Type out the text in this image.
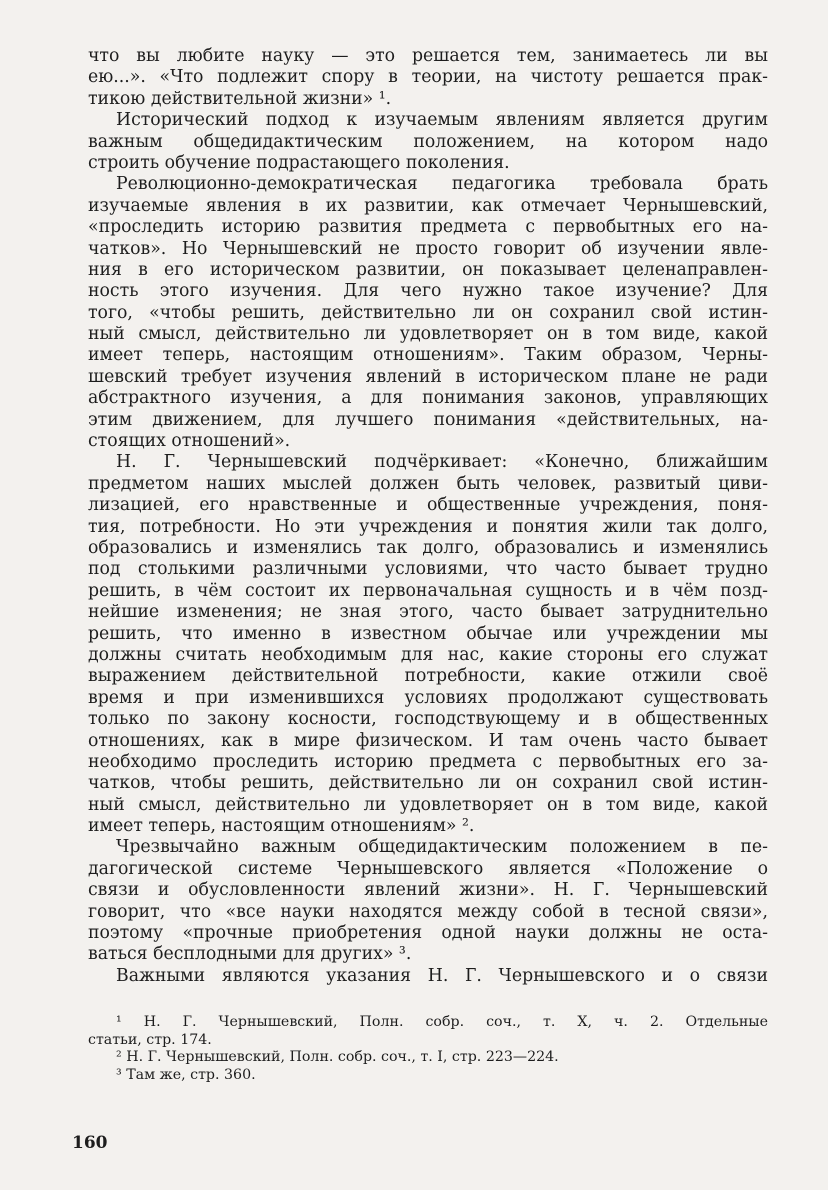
что вы любите науку — это решается тем, занимаетесь ли вы
ею...». «Что подлежит спору в теории, на чистоту решается прак-
тикою действительной жизни» ¹.
Исторический подход к изучаемым явлениям является другим
важным общедидактическим положением, на котором надо
строить обучение подрастающего поколения.
Революционно-демократическая педагогика требовала брать
изучаемые явления в их развитии, как отмечает Чернышевский,
«проследить историю развития предмета с первобытных его на-
чатков». Но Чернышевский не просто говорит об изучении явле-
ния в его историческом развитии, он показывает целенаправлен-
ность этого изучения. Для чего нужно такое изучение? Для
того, «чтобы решить, действительно ли он сохранил свой истин-
ный смысл, действительно ли удовлетворяет он в том виде, какой
имеет теперь, настоящим отношениям». Таким образом, Черны-
шевский требует изучения явлений в историческом плане не ради
абстрактного изучения, а для понимания законов, управляющих
этим движением, для лучшего понимания «действительных, на-
стоящих отношений».
Н. Г. Чернышевский подчёркивает: «Конечно, ближайшим
предметом наших мыслей должен быть человек, развитый циви-
лизацией, его нравственные и общественные учреждения, поня-
тия, потребности. Но эти учреждения и понятия жили так долго,
образовались и изменялись так долго, образовались и изменялись
под столькими различными условиями, что часто бывает трудно
решить, в чём состоит их первоначальная сущность и в чём позд-
нейшие изменения; не зная этого, часто бывает затруднительно
решить, что именно в известном обычае или учреждении мы
должны считать необходимым для нас, какие стороны его служат
выражением действительной потребности, какие отжили своё
время и при изменившихся условиях продолжают существовать
только по закону косности, господствующему и в общественных
отношениях, как в мире физическом. И там очень часто бывает
необходимо проследить историю предмета с первобытных его за-
чатков, чтобы решить, действительно ли он сохранил свой истин-
ный смысл, действительно ли удовлетворяет он в том виде, какой
имеет теперь, настоящим отношениям» ².
Чрезвычайно важным общедидактическим положением в пе-
дагогической системе Чернышевского является «Положение о
связи и обусловленности явлений жизни». Н. Г. Чернышевский
говорит, что «все науки находятся между собой в тесной связи»,
поэтому «прочные приобретения одной науки должны не оста-
ваться бесплодными для других» ³.
Важными являются указания Н. Г. Чернышевского и о связи
¹ Н. Г. Чернышевский, Полн. собр. соч., т. X, ч. 2. Отдельные
статьи, стр. 174.
² Н. Г. Чернышевский, Полн. собр. соч., т. I, стр. 223—224.
³ Там же, стр. 360.
160
